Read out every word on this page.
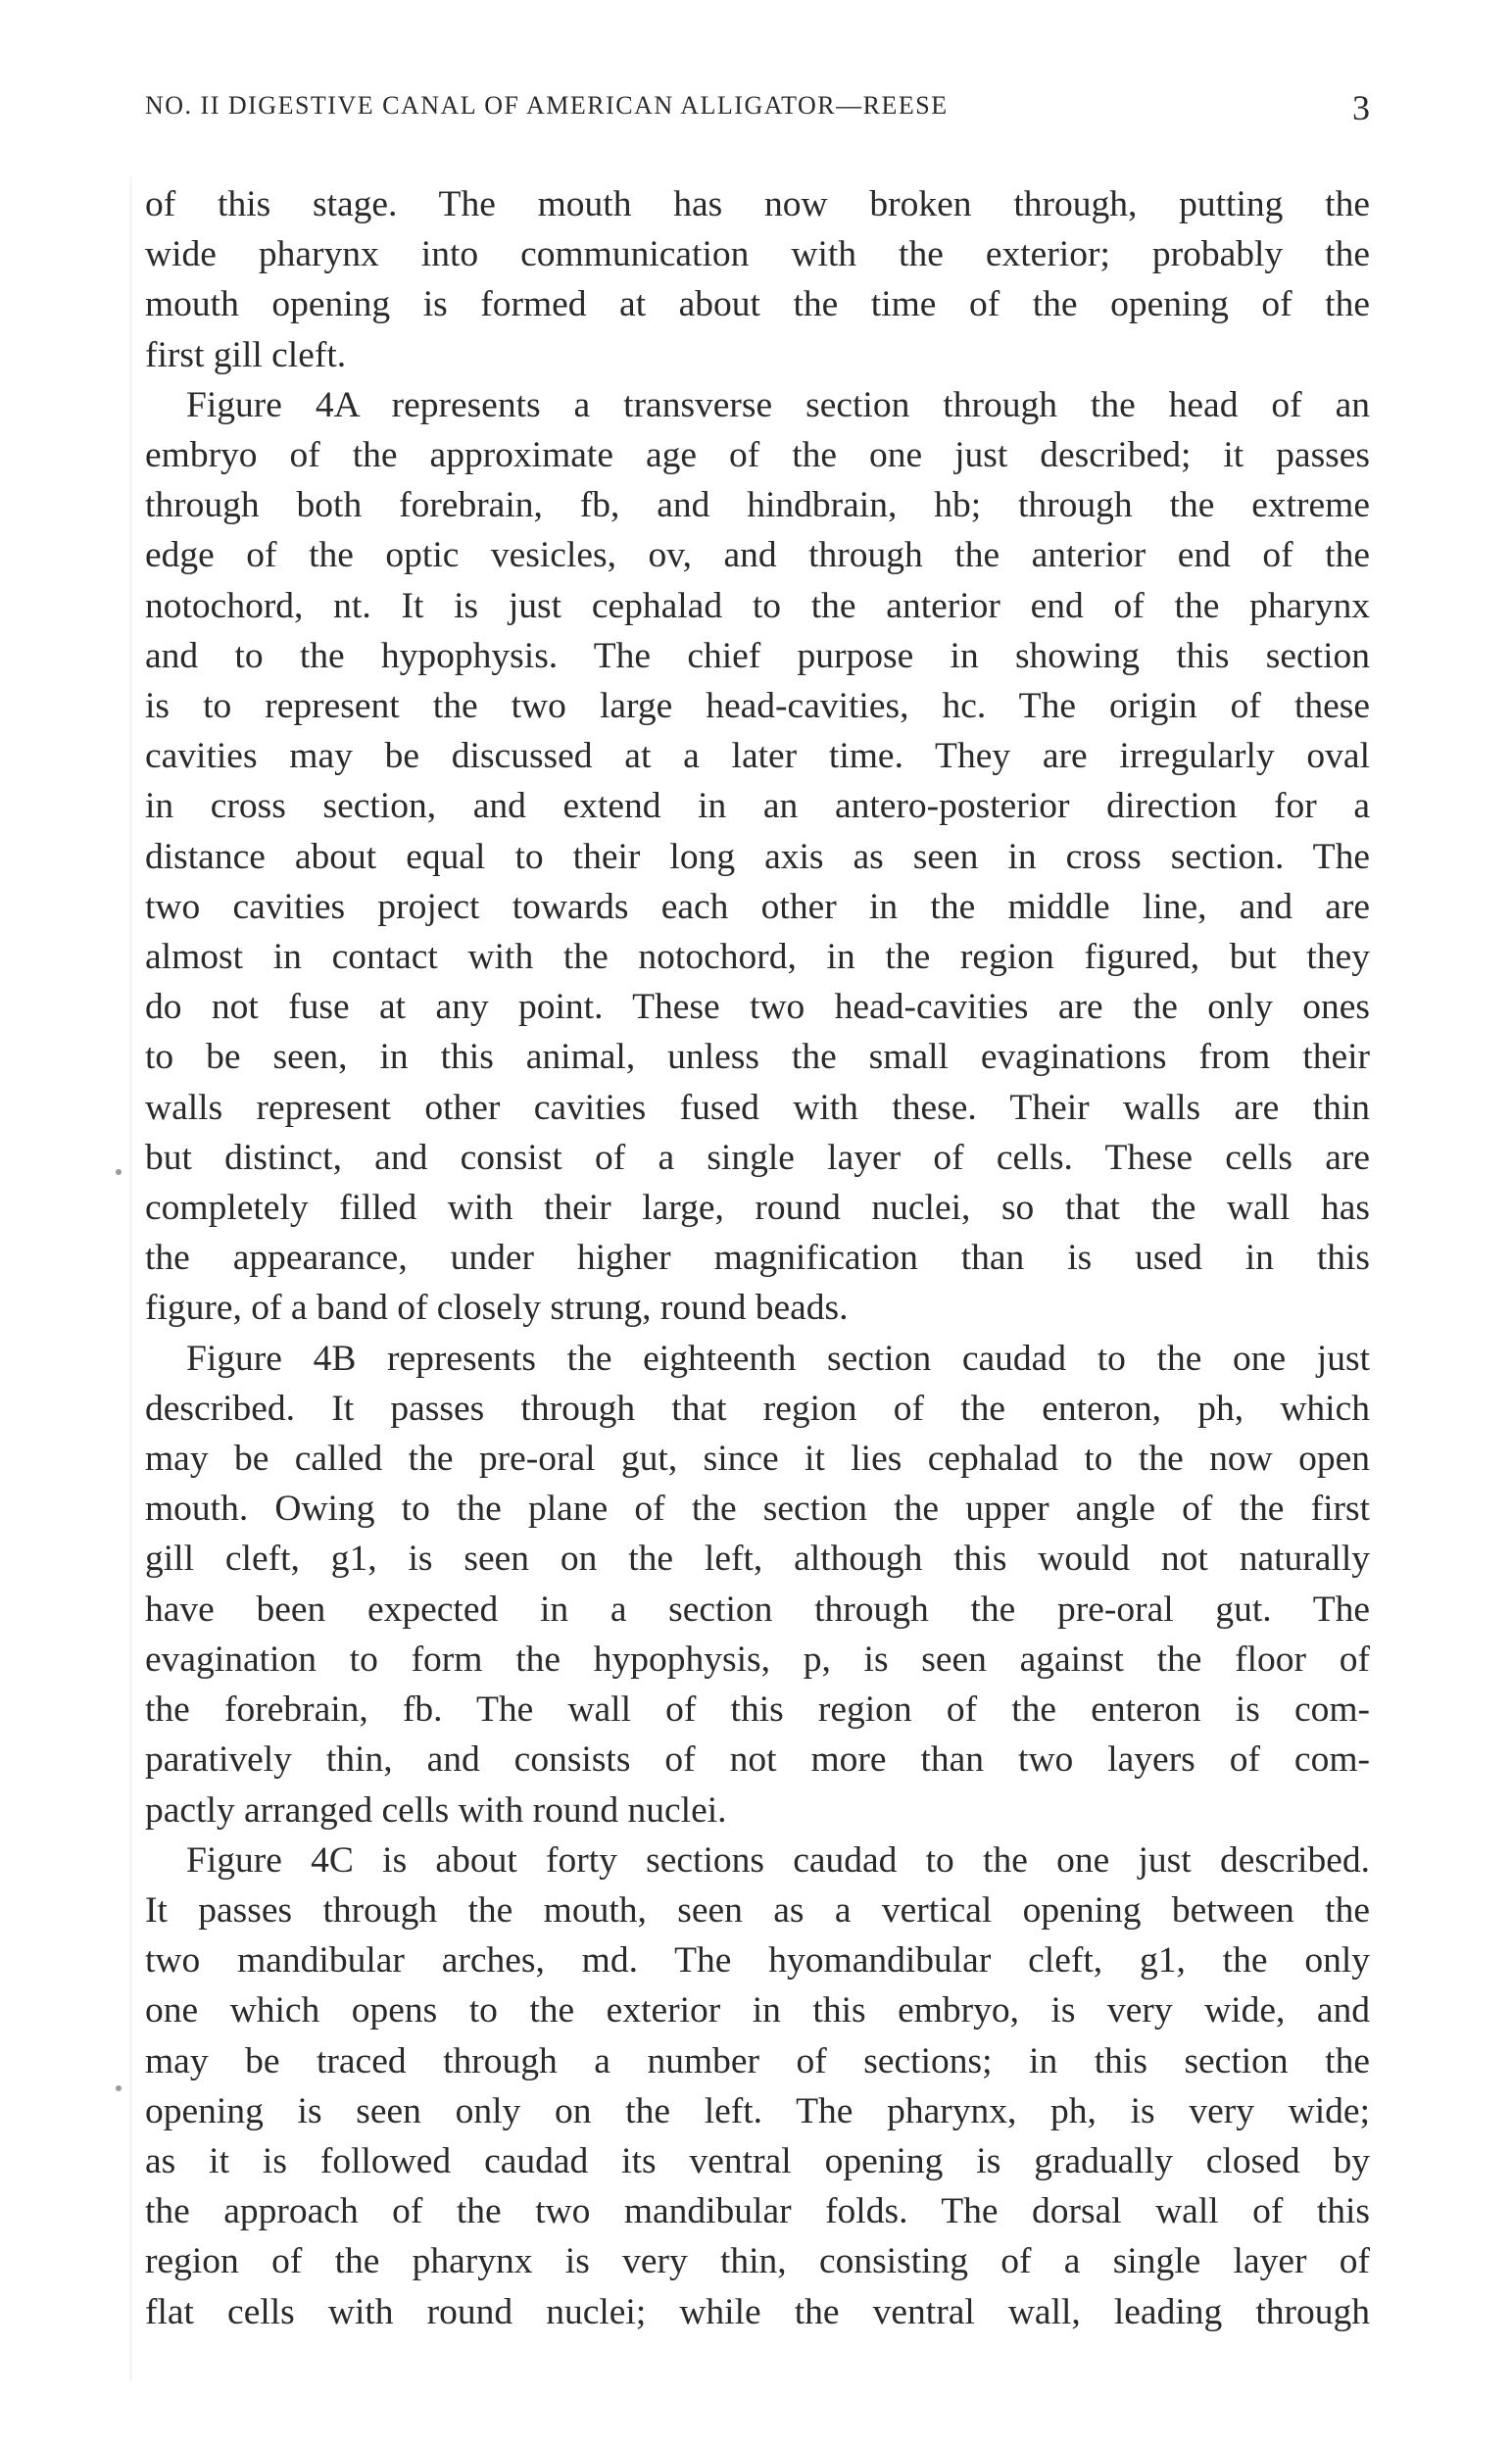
NO. II DIGESTIVE CANAL OF AMERICAN ALLIGATOR—REESE	3

of this stage. The mouth has now broken through, putting the

wide pharynx into communication with the exterior; probably the

mouth opening is formed at about the time of the opening of the

first gill cleft.

Figure 4A represents a transverse section through the head of an

embryo of the approximate age of the one just described; it passes

through both forebrain, fb, and hindbrain, hb; through the extreme

edge of the optic vesicles, ov, and through the anterior end of the

notochord, nt. It is just cephalad to the anterior end of the pharynx

and to the hypophysis. The chief purpose in showing this section

is to represent the two large head-cavities, hc. The origin of these

cavities may be discussed at a later time. They are irregularly oval

in cross section, and extend in an antero-posterior direction for a

distance about equal to their long axis as seen in cross section. The

two cavities project towards each other in the middle line, and are

almost in contact with the notochord, in the region figured, but they

do not fuse at any point. These two head-cavities are the only ones

to be seen, in this animal, unless the small evaginations from their

walls represent other cavities fused with these. Their walls are thin

but distinct, and consist of a single layer of cells. These cells are

completely filled with their large, round nuclei, so that the wall has

the appearance, under higher magnification than is used in this

figure, of a band of closely strung, round beads.

Figure 4B represents the eighteenth section caudad to the one just

described. It passes through that region of the enteron, ph, which

may be called the pre-oral gut, since it lies cephalad to the now open

mouth. Owing to the plane of the section the upper angle of the first

gill cleft, g1, is seen on the left, although this would not naturally

have been expected in a section through the pre-oral gut. The

evagination to form the hypophysis, p, is seen against the floor of

the forebrain, fb. The wall of this region of the enteron is com-

paratively thin, and consists of not more than two layers of com-

pactly arranged cells with round nuclei.

Figure 4C is about forty sections caudad to the one just described.

It passes through the mouth, seen as a vertical opening between the

two mandibular arches, md. The hyomandibular cleft, g1, the only

one which opens to the exterior in this embryo, is very wide, and

may be traced through a number of sections; in this section the

opening is seen only on the left. The pharynx, ph, is very wide;

as it is followed caudad its ventral opening is gradually closed by

the approach of the two mandibular folds. The dorsal wall of this

region of the pharynx is very thin, consisting of a single layer of

flat cells with round nuclei; while the ventral wall, leading through
